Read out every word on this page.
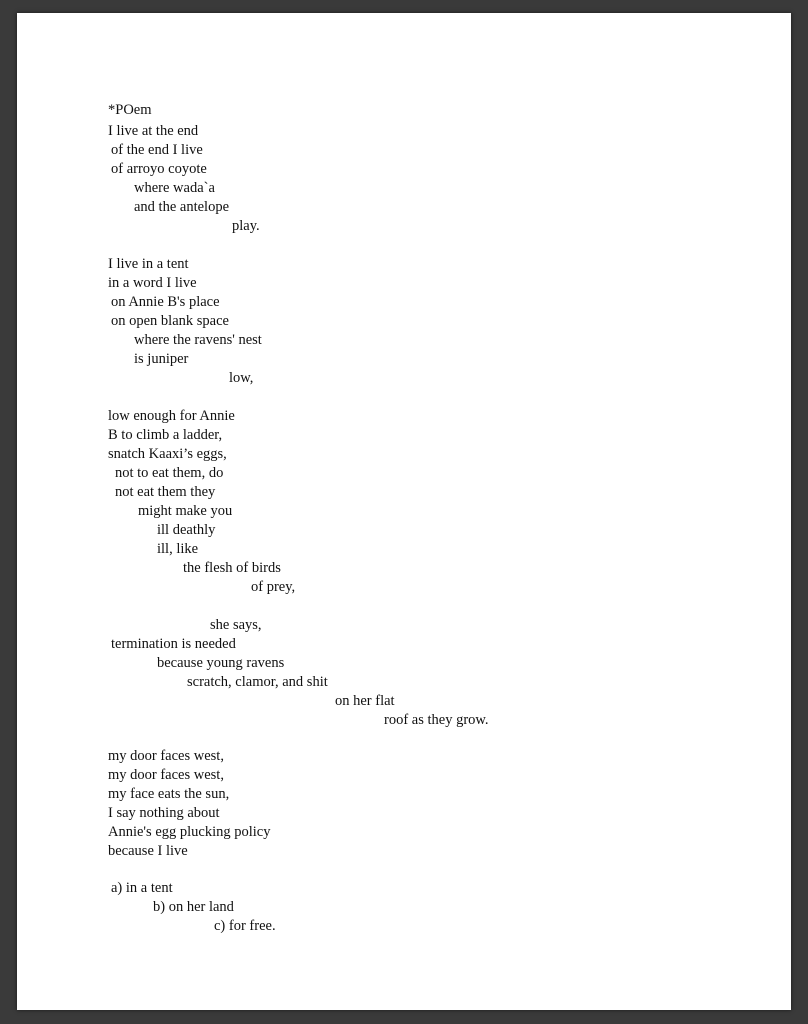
*POem
I live at the end
of the end I live
of arroyo coyote
where wada`a
and the antelope
play.
I live in a tent
in a word I live
on Annie B's place
on open blank space
where the ravens' nest
is juniper
low,
low enough for Annie
B to climb a ladder,
snatch Kaaxi’s eggs,
not to eat them, do
not eat them they
might make you
ill deathly
ill, like
the flesh of birds
of prey,
she says,
termination is needed
because young ravens
scratch, clamor, and shit
on her flat
roof as they grow.
my door faces west,
my door faces west,
my face eats the sun,
I say nothing about
Annie's egg plucking policy
because I live
a) in a tent
b) on her land
c) for free.
